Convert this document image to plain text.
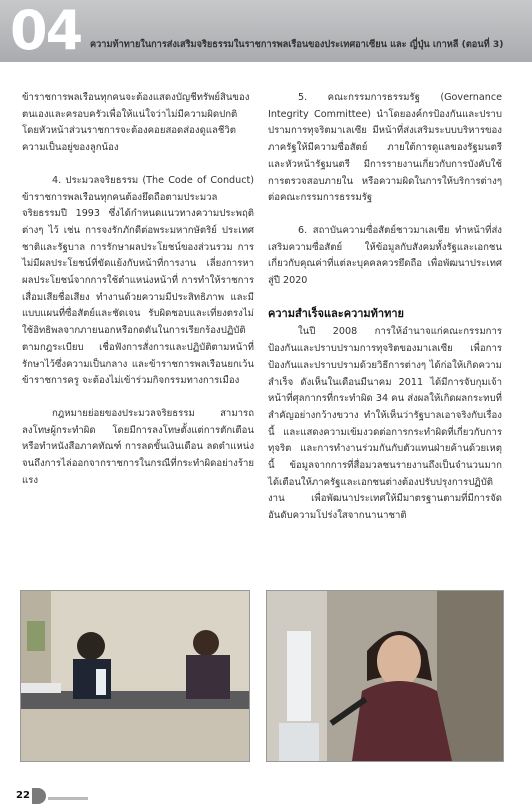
04 ความท้าทายในการส่งเสริมจริยธรรมในราชการพลเรือนของประเทศอาเซียน และ ญี่ปุ่น เกาหลี (ตอนที่ 3)

ข้าราชการพลเรือนทุกคนจะต้องแสดงบัญชีทรัพย์สินของตนเองและครอบครัวเพื่อให้แน่ใจว่าไม่มีความผิดปกติ โดยหัวหน้าส่วนราชการจะต้องคอยสอดส่องดูแลชีวิตความเป็นอยู่ของลูกน้อง

4. ประมวลจริยธรรม (The Code of Conduct) ข้าราชการพลเรือนทุกคนต้องยึดถือตามประมวลจริยธรรมปี 1993 ซึ่งได้กำหนดแนวทางความประพฤติต่างๆ ไว้ เช่น การจงรักภักดีต่อพระมหากษัตริย์ ประเทศชาติและรัฐบาล การรักษาผลประโยชน์ของส่วนรวม การไม่มีผลประโยชน์ที่ขัดแย้งกับหน้าที่การงาน เลี่ยงการหาผลประโยชน์จากการใช้ตำแหน่งหน้าที่ การทำให้ราชการเสื่อมเสียชื่อเสียง ทำงานด้วยความมีประสิทธิภาพ และมีแบบแผนที่ซื่อสัตย์และชัดเจน รับผิดชอบและเที่ยงตรงไม่ใช้อิทธิพลจากภายนอกหรือกดดันในการเรียกร้องปฏิบัติตามกฎระเบียบ เชื่อฟังการสั่งการและปฏิบัติตามหน้าที่ รักษาไว้ซึ่งความเป็นกลาง และข้าราชการพลเรือนยกเว้นข้าราชการครู จะต้องไม่เข้าร่วมกิจกรรมทางการเมือง

กฎหมายย่อยของประมวลจริยธรรม สามารถลงโทษผู้กระทำผิด โดยมีการลงโทษตั้งแต่การตักเตือนหรือทำหนังสือภาคทัณฑ์ การลดขั้นเงินเดือน ลดตำแหน่ง จนถึงการไล่ออกจากราชการในกรณีที่กระทำผิดอย่างร้ายแรง

5. คณะกรรมการธรรมรัฐ (Governance Integrity Committee) นำโดยองค์กรป้องกันและปราบปรามการทุจริตมาเลเซีย มีหน้าที่ส่งเสริมระบบบริหารของภาครัฐให้มีความซื่อสัตย์ ภายใต้การดูแลของรัฐมนตรีและหัวหน้ารัฐมนตรี มีการรายงานเกี่ยวกับการบังคับใช้ การตรวจสอบภายใน หรือความผิดในการให้บริการต่างๆ ต่อคณะกรรมการธรรมรัฐ

6. สถาบันความซื่อสัตย์ชาวมาเลเซีย ทำหน้าที่ส่งเสริมความซื่อสัตย์ ให้ข้อมูลกับสังคมทั้งรัฐและเอกชนเกี่ยวกับคุณค่าที่แต่ละบุคคลควรยึดถือ เพื่อพัฒนาประเทศสู่ปี 2020

ความสำเร็จและความท้าทาย

ในปี 2008 การให้อำนาจแก่คณะกรรมการป้องกันและปราบปรามการทุจริตของมาเลเซีย เพื่อการป้องกันและปราบปรามด้วยวิธีการต่างๆ ได้ก่อให้เกิดความสำเร็จ ดังเห็นในเดือนมีนาคม 2011 ได้มีการจับกุมเจ้าหน้าที่ศุลกากรที่กระทำผิด 34 คน ส่งผลให้เกิดผลกระทบที่สำคัญอย่างกว้างขวาง ทำให้เห็นว่ารัฐบาลเอาจริงกับเรื่องนี้ และแสดงความเข้มงวดต่อการกระทำผิดที่เกี่ยวกับการทุจริต และการทำงานร่วมกันกับตัวแทนฝ่ายค้านด้วยเหตุนี้ ข้อมูลจากการที่สื่อมวลชนรายงานถึงเป็นจำนวนมาก ได้เตือนให้ภาครัฐและเอกชนต่างต้องปรับปรุงการปฏิบัติงาน เพื่อพัฒนาประเทศให้มีมาตรฐานตามที่มีการจัดอันดับความโปร่งใสจากนานาชาติ

22
